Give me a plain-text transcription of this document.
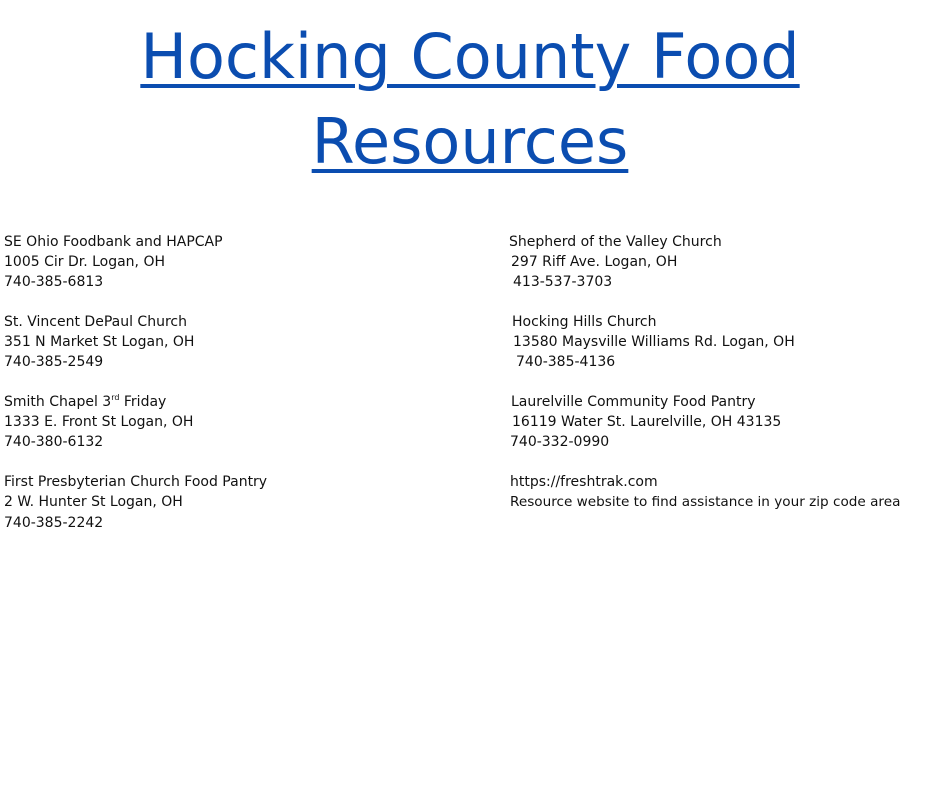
Hocking County Food
Resources
SE Ohio Foodbank and HAPCAP
1005 Cir Dr. Logan, OH
740-385-6813
St. Vincent DePaul Church
351 N Market St Logan, OH
740-385-2549
Smith Chapel 3rd Friday
1333 E. Front St Logan, OH
740-380-6132
First Presbyterian Church Food Pantry
2 W. Hunter St Logan, OH
740-385-2242
Shepherd of the Valley Church
297 Riff Ave. Logan, OH
413-537-3703
Hocking Hills Church
13580 Maysville Williams Rd. Logan, OH
740-385-4136
Laurelville Community Food Pantry
16119 Water St. Laurelville, OH 43135
740-332-0990
https://freshtrak.com
Resource website to find assistance in your zip code area
